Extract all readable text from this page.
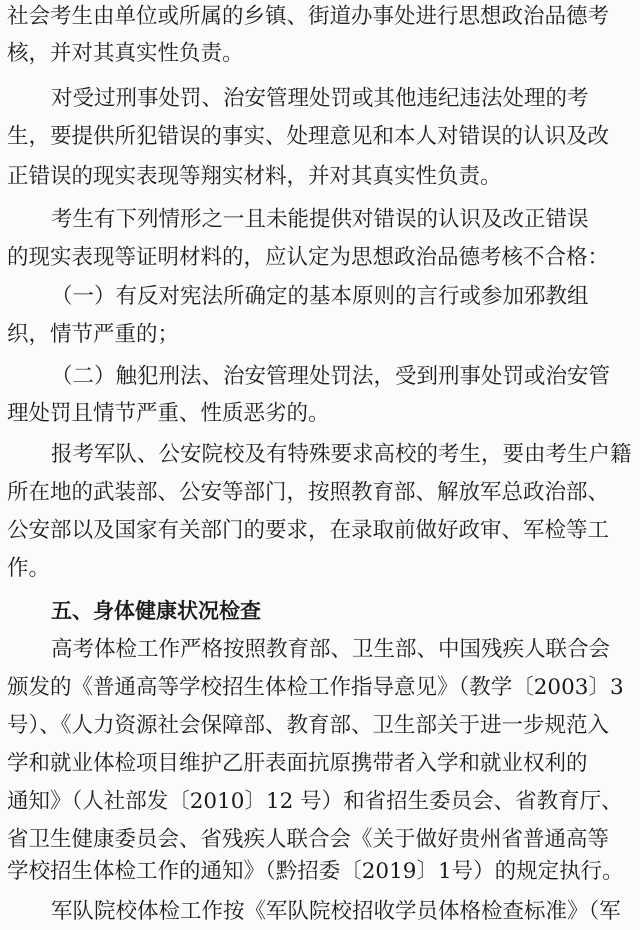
社会考生由单位或所属的乡镇、街道办事处进行思想政治品德考
核，并对其真实性负责。
对受过刑事处罚、治安管理处罚或其他违纪违法处理的考
生，要提供所犯错误的事实、处理意见和本人对错误的认识及改
正错误的现实表现等翔实材料，并对其真实性负责。
考生有下列情形之一且未能提供对错误的认识及改正错误
的现实表现等证明材料的，应认定为思想政治品德考核不合格：
（一）有反对宪法所确定的基本原则的言行或参加邪教组
织，情节严重的；
（二）触犯刑法、治安管理处罚法，受到刑事处罚或治安管
理处罚且情节严重、性质恶劣的。
报考军队、公安院校及有特殊要求高校的考生，要由考生户籍
所在地的武装部、公安等部门，按照教育部、解放军总政治部、
公安部以及国家有关部门的要求，在录取前做好政审、军检等工
作。
五、身体健康状况检查
高考体检工作严格按照教育部、卫生部、中国残疾人联合会
颁发的《普通高等学校招生体检工作指导意见》（教学〔2003〕3
号）、《人力资源社会保障部、教育部、卫生部关于进一步规范入
学和就业体检项目维护乙肝表面抗原携带者入学和就业权利的
通知》（人社部发〔2010〕12 号）和省招生委员会、省教育厅、
省卫生健康委员会、省残疾人联合会《关于做好贵州省普通高等
学校招生体检工作的通知》（黔招委〔2019〕1号）的规定执行。
军队院校体检工作按《军队院校招收学员体格检查标准》（军
